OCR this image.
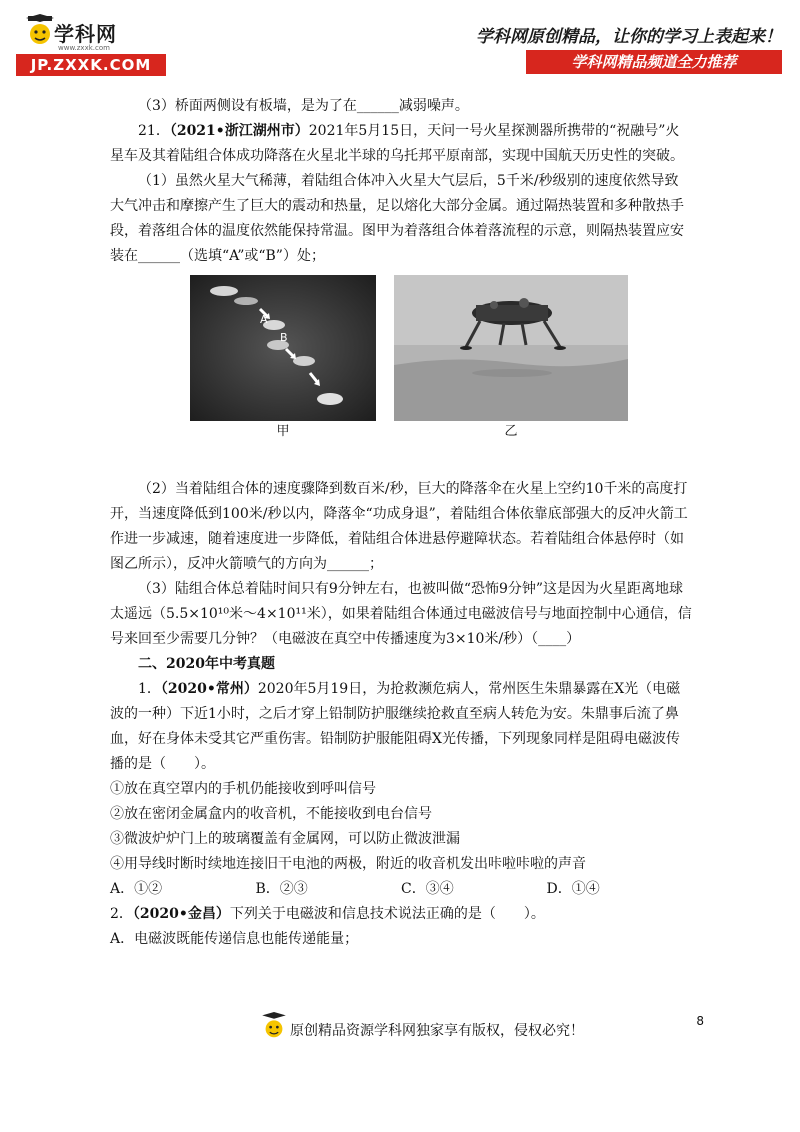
学科网
www.zxxk.com
JP.ZXXK.COM
学科网原创精品，让你的学习上表起来！
学科网精品频道全力推荐

（3）桥面两侧设有板墙，是为了在______减弱噪声。

21．（2021•浙江湖州市）2021年5月15日，天问一号火星探测器所携带的“祝融号”火星车及其着陆组合体成功降落在火星北半球的乌托邦平原南部，实现中国航天历史性的突破。

（1）虽然火星大气稀薄，着陆组合体冲入火星大气层后，5千米/秒级别的速度依然导致大气冲击和摩擦产生了巨大的震动和热量，足以熔化大部分金属。通过隔热装置和多种散热手段，着落组合体的温度依然能保持常温。图甲为着落组合体着落流程的示意，则隔热装置应安装在______（选填“A”或“B”）处；

A
B
甲	乙

（2）当着陆组合体的速度骤降到数百米/秒，巨大的降落伞在火星上空约10千米的高度打开，当速度降低到100米/秒以内，降落伞“功成身退”，着陆组合体依靠底部强大的反冲火箭工作进一步减速，随着速度进一步降低，着陆组合体进悬停避障状态。若着陆组合体悬停时（如图乙所示），反冲火箭喷气的方向为______；

（3）陆组合体总着陆时间只有9分钟左右，也被叫做“恐怖9分钟”这是因为火星距离地球太遥远（5.5×10¹⁰米～4×10¹¹米），如果着陆组合体通过电磁波信号与地面控制中心通信，信号来回至少需要几分钟？（电磁波在真空中传播速度为3×10米/秒）（____）

二、2020年中考真题

1．（2020•常州）2020年5月19日，为抢救濒危病人，常州医生朱鼎暴露在X光（电磁波的一种）下近1小时，之后才穿上铅制防护服继续抢救直至病人转危为安。朱鼎事后流了鼻血，好在身体未受其它严重伤害。铅制防护服能阻碍X光传播，下列现象同样是阻碍电磁波传播的是（　　）。

①放在真空罩内的手机仍能接收到呼叫信号

②放在密闭金属盒内的收音机，不能接收到电台信号

③微波炉炉门上的玻璃覆盖有金属网，可以防止微波泄漏

④用导线时断时续地连接旧干电池的两极，附近的收音机发出咔啦咔啦的声音

A．①②	B．②③	C．③④	D．①④

2．（2020•金昌）下列关于电磁波和信息技术说法正确的是（　　）。

A．电磁波既能传递信息也能传递能量；

8
原创精品资源学科网独家享有版权，侵权必究！
